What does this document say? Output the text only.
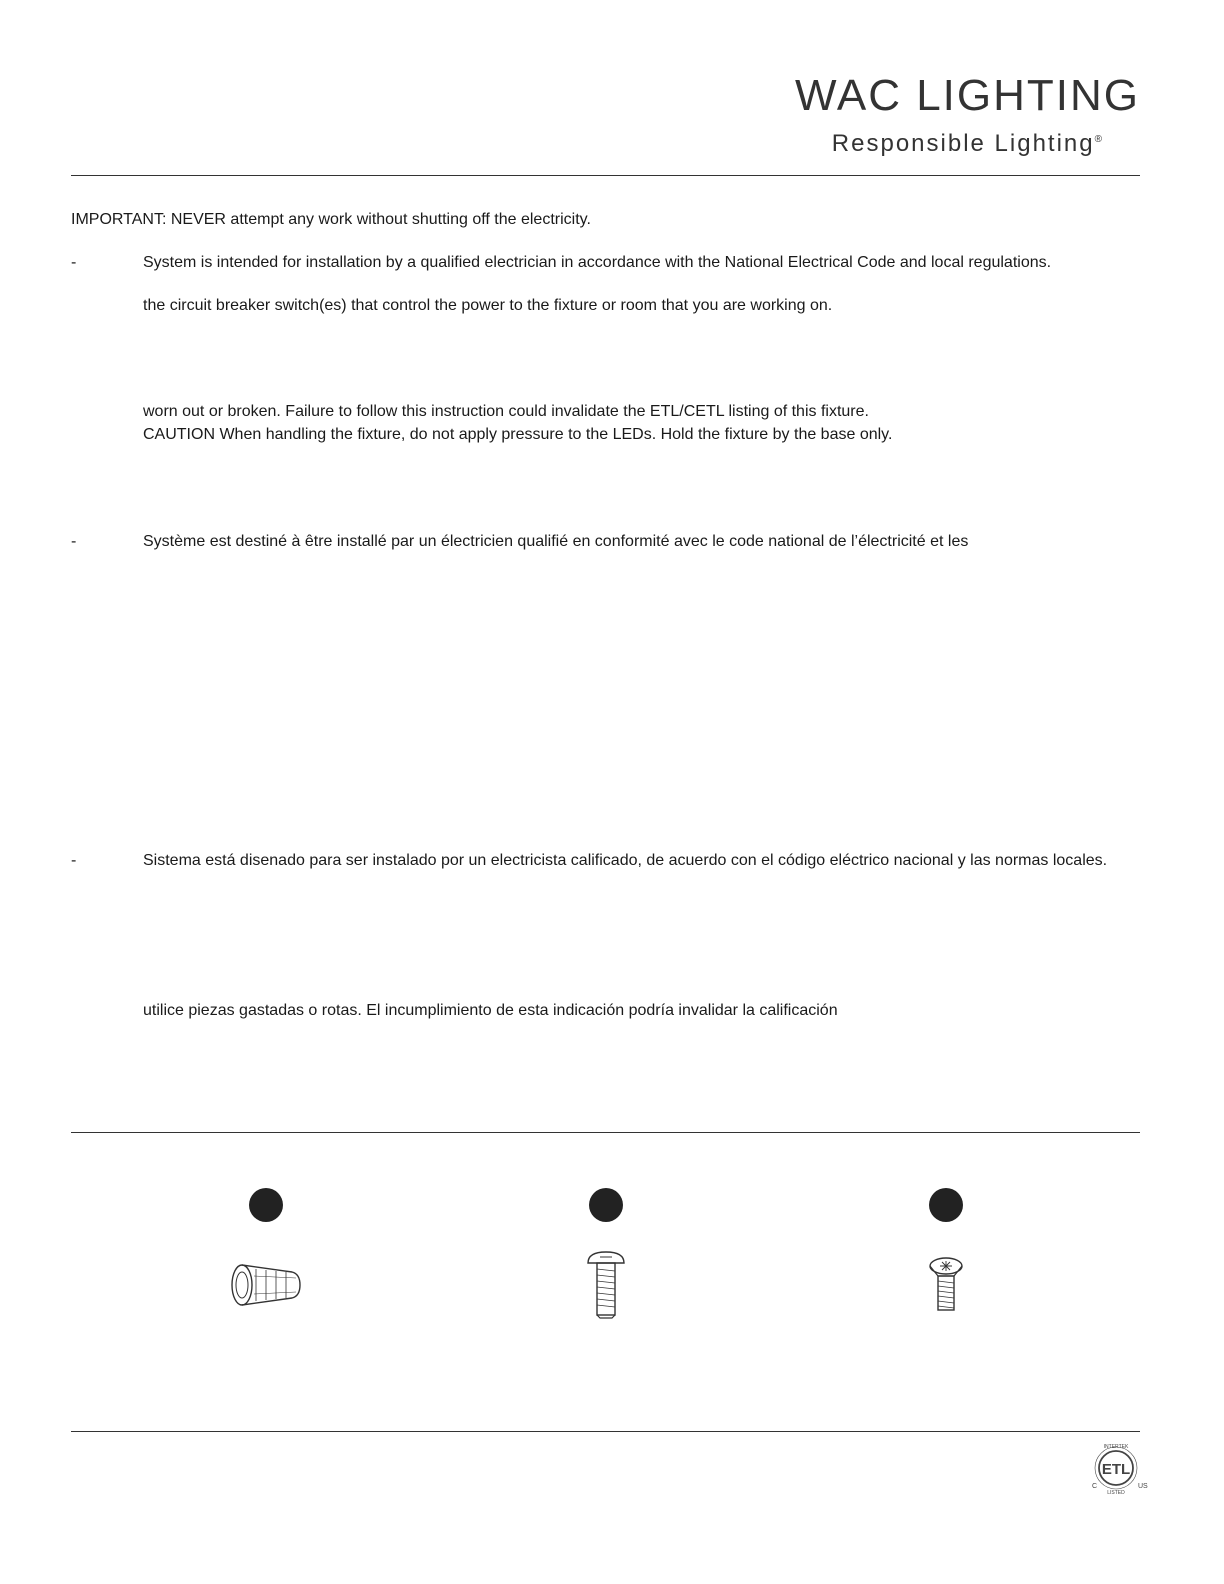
WAC LIGHTING
Responsible Lighting®
IMPORTANT: NEVER attempt any work without shutting off the electricity.
-	System is intended for installation by a qualified electrician in accordance with the National Electrical Code and local regulations.
the circuit breaker switch(es) that control the power to the fixture or room that you are working on.
worn out or broken. Failure to follow this instruction could invalidate the ETL/CETL listing of this fixture.
CAUTION When handling the fixture, do not apply pressure to the LEDs. Hold the fixture by the base only.
-	Système est destiné à être installé par un électricien qualifié en conformité avec le code national de l’électricité et les
-	Sistema está disenado para ser instalado por un electricista calificado, de acuerdo con el código eléctrico nacional y las normas locales.
utilice piezas gastadas o rotas. El incumplimiento de esta indicación podría invalidar la calificación
ETL
INTERTEK
LISTED
C	US
